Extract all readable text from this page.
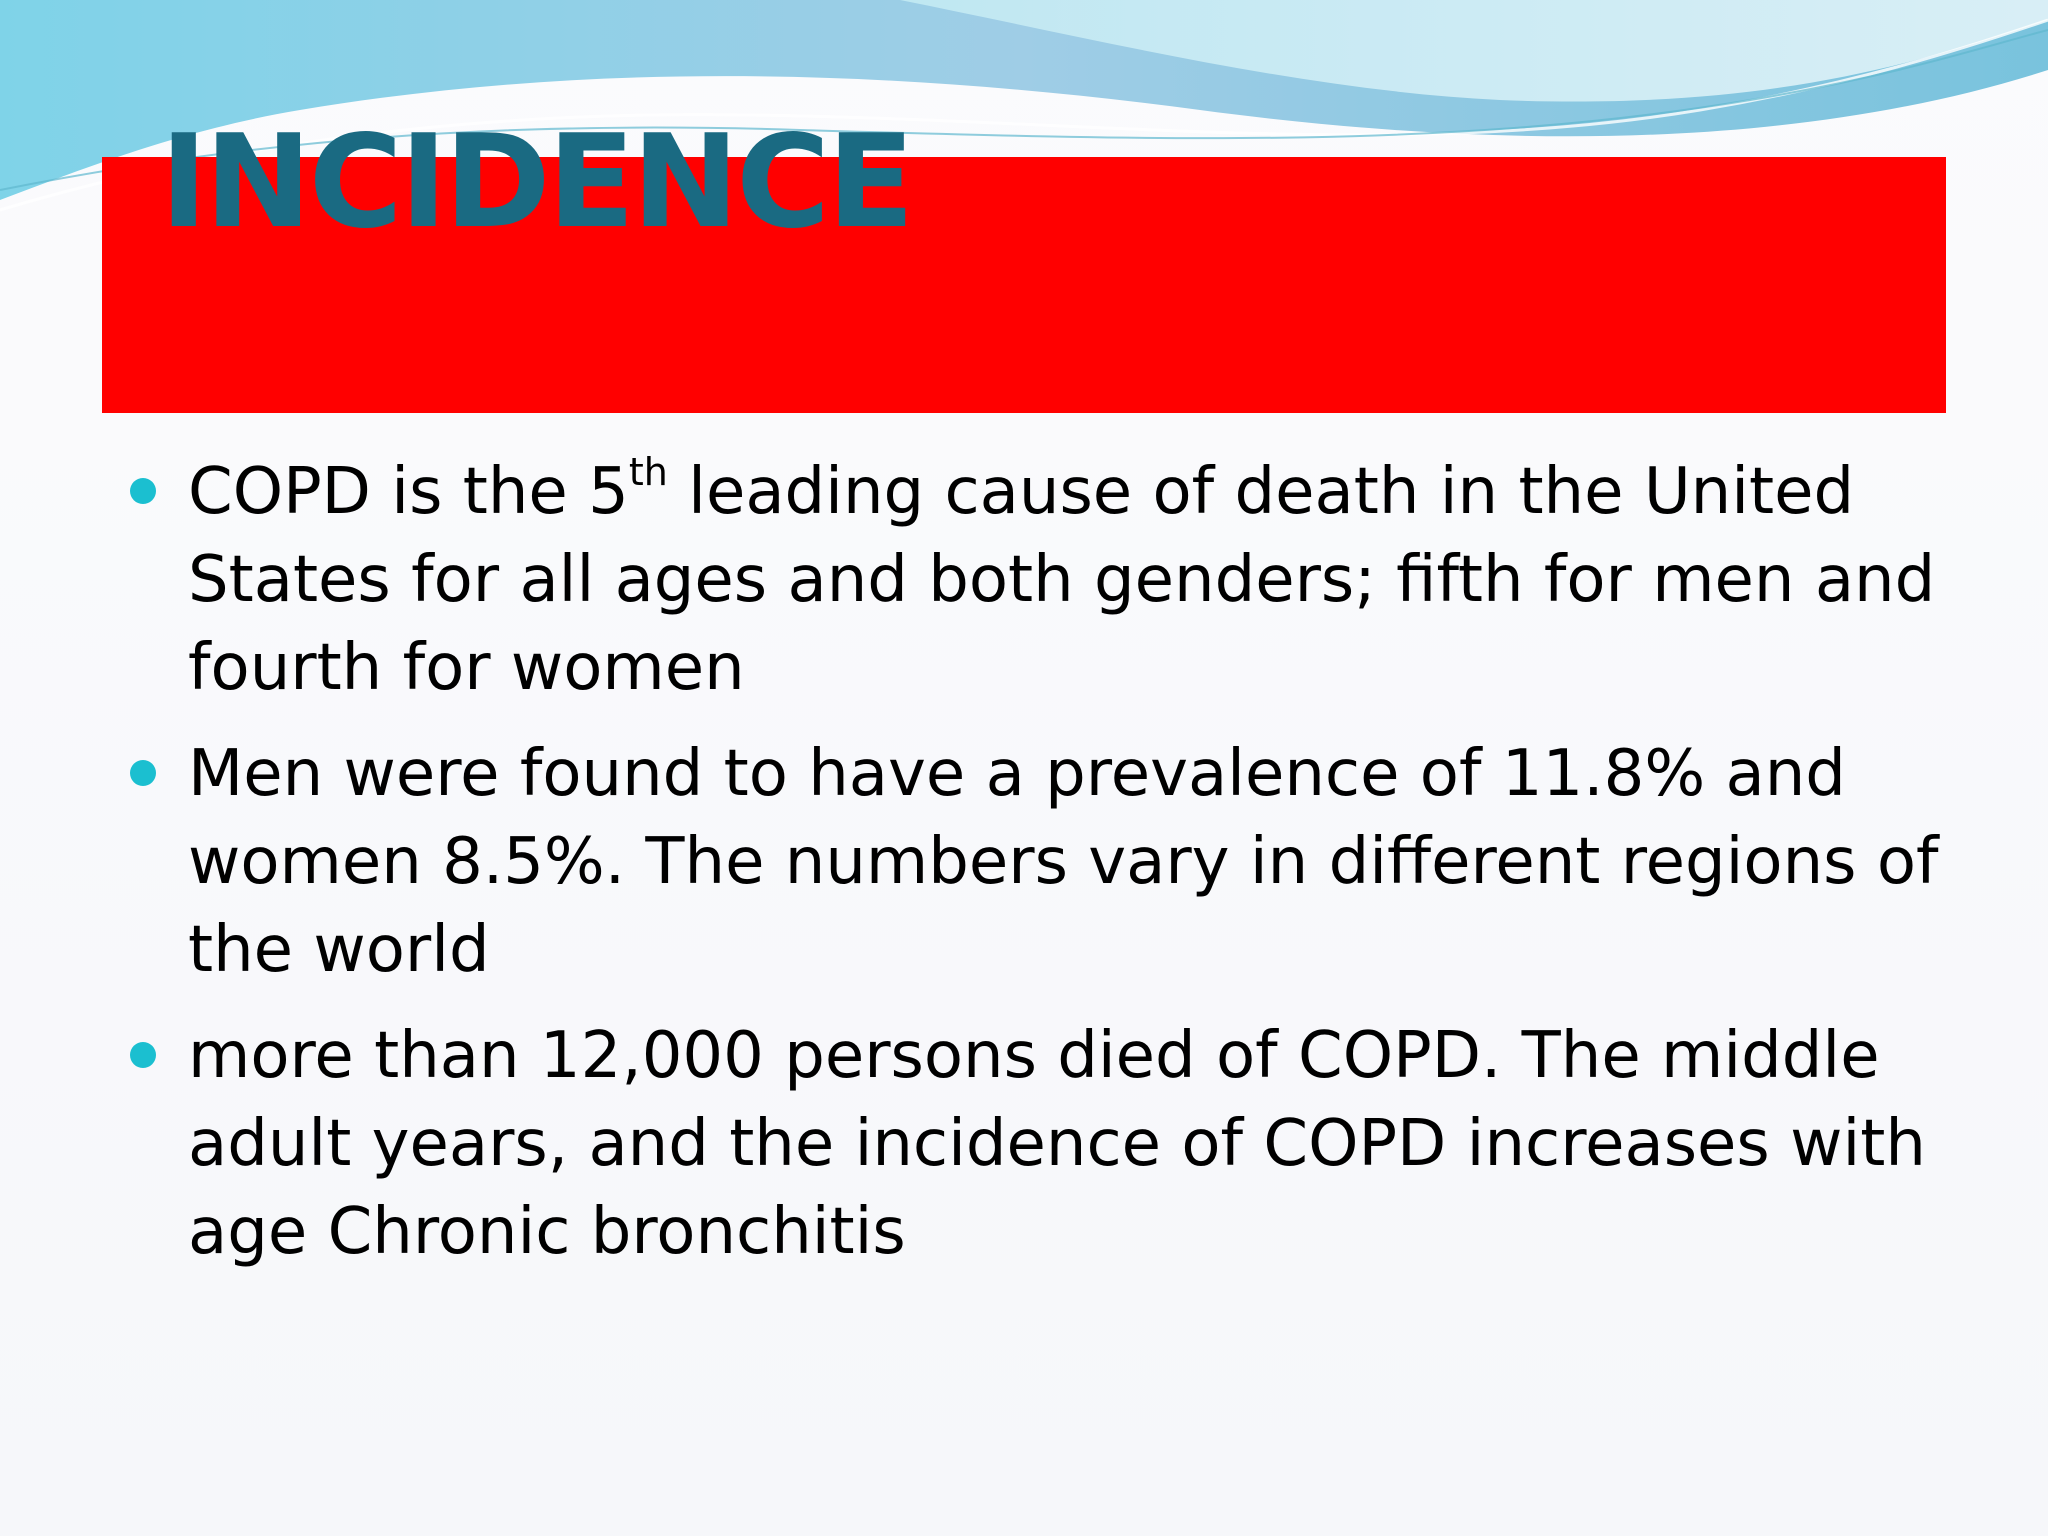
INCIDENCE
COPD is the 5th leading cause of death in the United States for all ages and both genders; fifth for men and fourth for women
Men were found to have a prevalence of 11.8% and women 8.5%. The numbers vary in different regions of the world
more than 12,000 persons died of COPD. The middle adult years, and the incidence of COPD increases with age Chronic bronchitis
